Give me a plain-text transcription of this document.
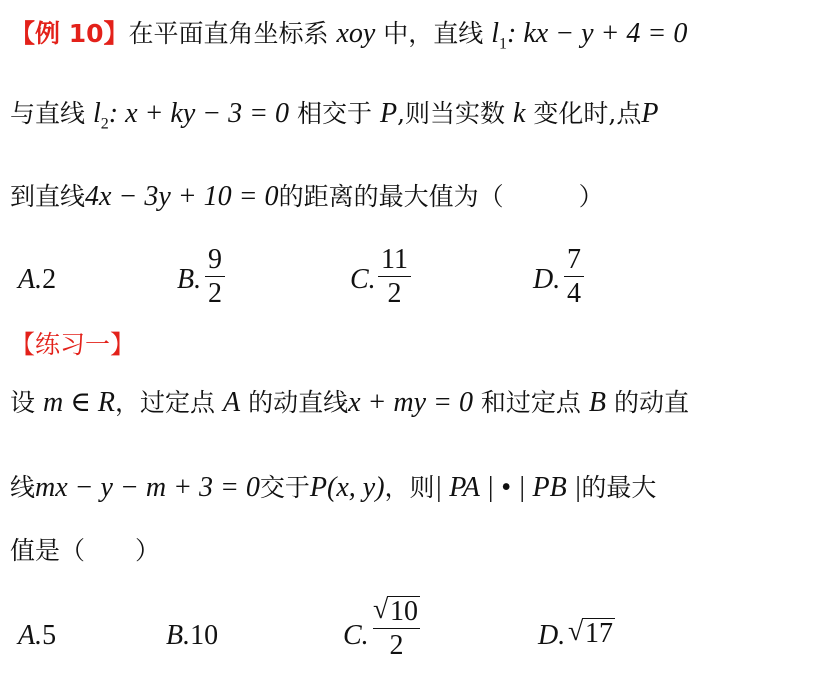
【例 10】在平面直角坐标系 xoy 中，直线 $l_1$: kx − y + 4 = 0
与直线 $l_2$: x + ky − 3 = 0 相交于 P,则当实数 k 变化时,点P
到直线4x − 3y + 10 = 0的距离的最大值为（　　　）
A.2	B. $\frac{9}{2}$	C. $\frac{11}{2}$	D. $\frac{7}{4}$
【练习一】
设 m ∈ R，过定点 A 的动直线x + my = 0 和过定点 B 的动直
线mx − y − m + 3 = 0交于P(x, y)，则| PA | • | PB |的最大
值是（　　）
A.5	B.10	C.
√ 10
2	D. √ 17
